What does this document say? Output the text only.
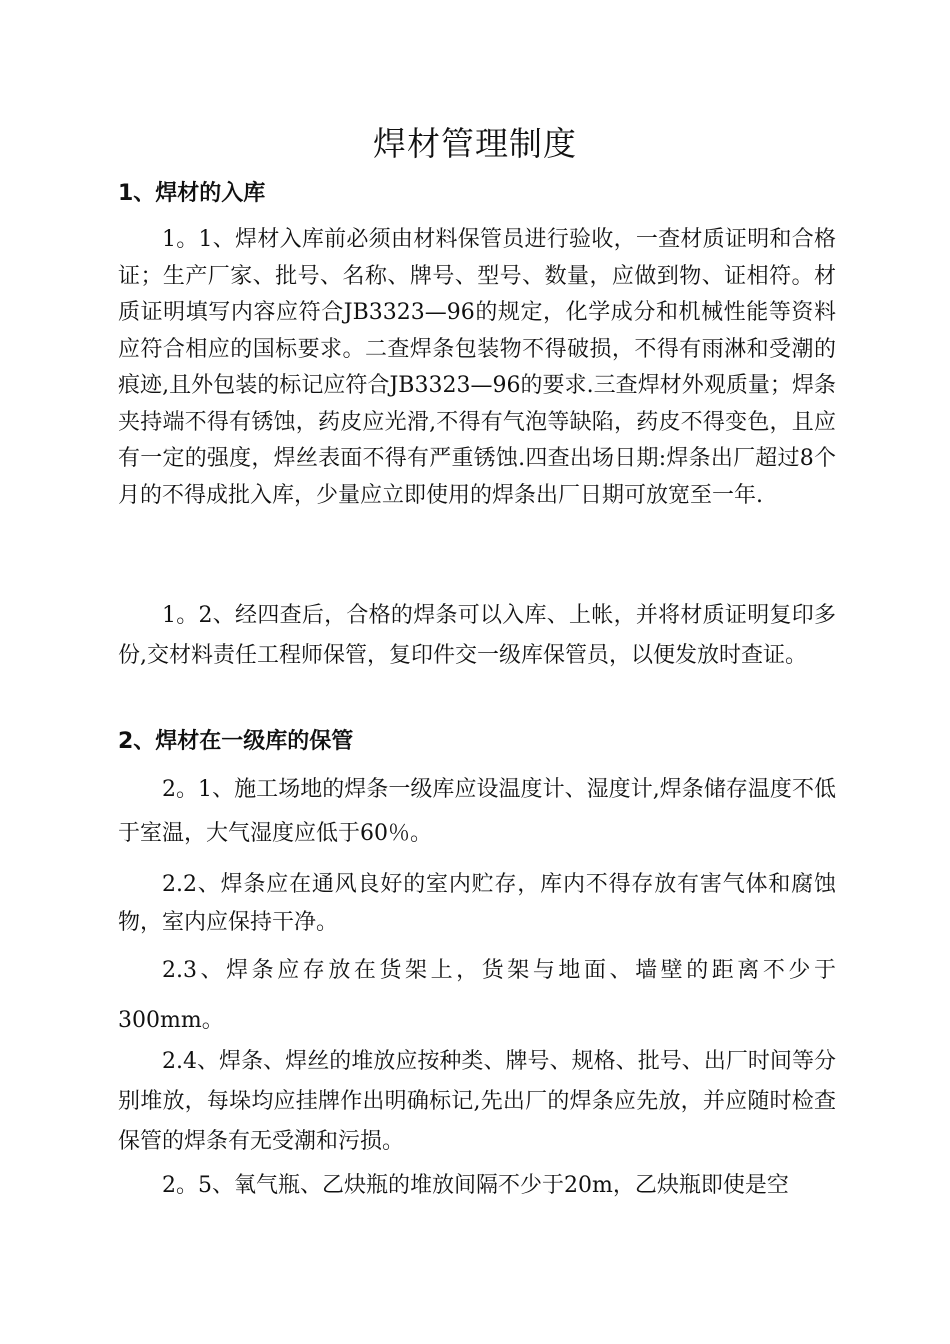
焊材管理制度
1、焊材的入库
1。1、焊材入库前必须由材料保管员进行验收，一查材质证明和合格证；生产厂家、批号、名称、牌号、型号、数量，应做到物、证相符。材质证明填写内容应符合JB3323—96的规定，化学成分和机械性能等资料应符合相应的国标要求。二查焊条包装物不得破损，不得有雨淋和受潮的痕迹,且外包装的标记应符合JB3323—96的要求.三查焊材外观质量；焊条夹持端不得有锈蚀，药皮应光滑,不得有气泡等缺陷，药皮不得变色，且应有一定的强度，焊丝表面不得有严重锈蚀.四查出场日期:焊条出厂超过8个月的不得成批入库，少量应立即使用的焊条出厂日期可放宽至一年.
1。2、经四查后，合格的焊条可以入库、上帐，并将材质证明复印多份,交材料责任工程师保管，复印件交一级库保管员，以便发放时查证。
2、焊材在一级库的保管
2。1、施工场地的焊条一级库应设温度计、湿度计,焊条储存温度不低于室温，大气湿度应低于60％。
2.2、焊条应在通风良好的室内贮存，库内不得存放有害气体和腐蚀物，室内应保持干净。
2.3、焊条应存放在货架上，货架与地面、墙壁的距离不少于300mm。
2.4、焊条、焊丝的堆放应按种类、牌号、规格、批号、出厂时间等分别堆放，每垛均应挂牌作出明确标记,先出厂的焊条应先放，并应随时检查保管的焊条有无受潮和污损。
2。5、氧气瓶、乙炔瓶的堆放间隔不少于20m，乙炔瓶即使是空
